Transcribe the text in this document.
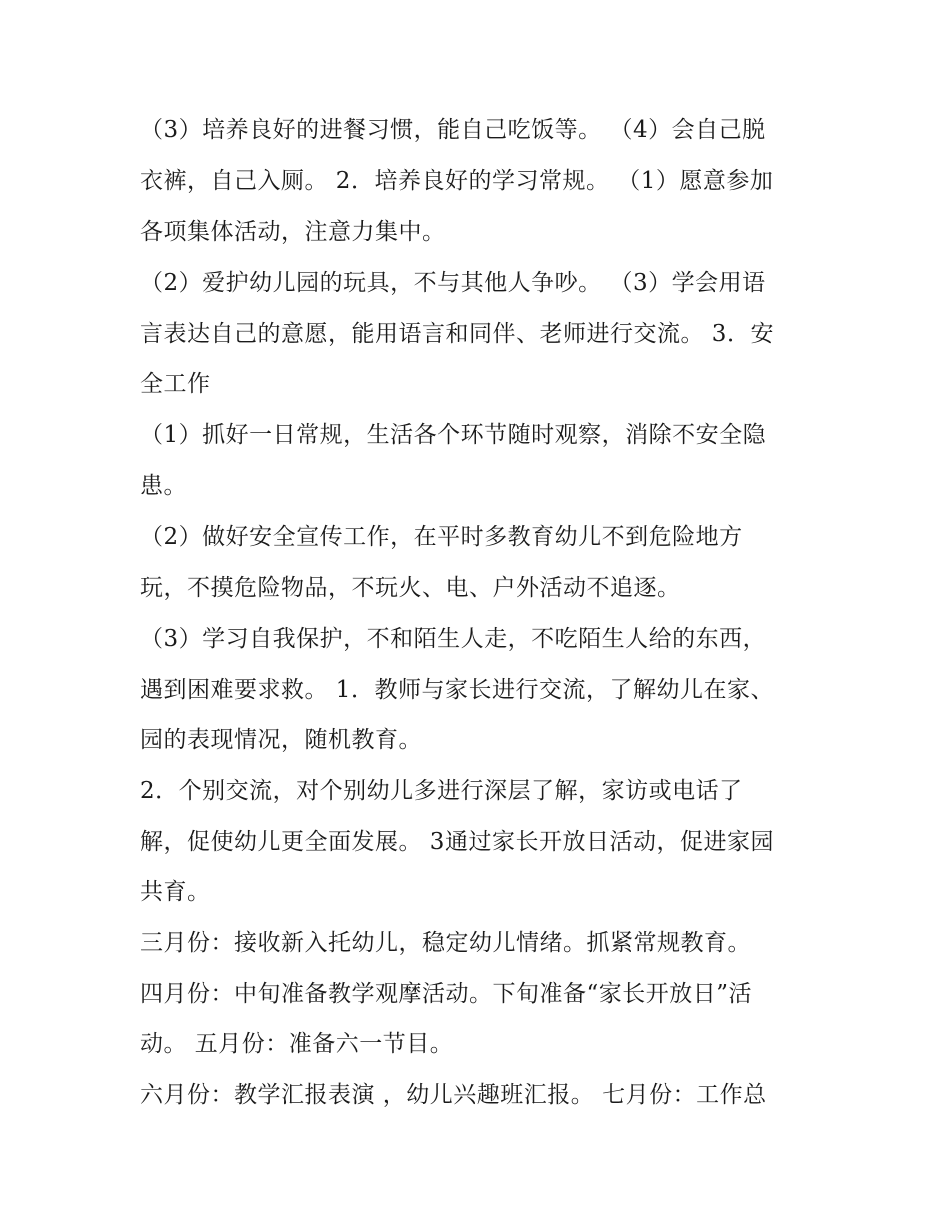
（3）培养良好的进餐习惯，能自己吃饭等。 （4）会自己脱
衣裤，自己入厕。 2．培养良好的学习常规。 （1）愿意参加
各项集体活动，注意力集中。
（2）爱护幼儿园的玩具，不与其他人争吵。 （3）学会用语
言表达自己的意愿，能用语言和同伴、老师进行交流。 3．安
全工作
（1）抓好一日常规，生活各个环节随时观察，消除不安全隐
患。
（2）做好安全宣传工作，在平时多教育幼儿不到危险地方
玩，不摸危险物品，不玩火、电、户外活动不追逐。
（3）学习自我保护，不和陌生人走，不吃陌生人给的东西，
遇到困难要求救。 1．教师与家长进行交流，了解幼儿在家、
园的表现情况，随机教育。
2．个别交流，对个别幼儿多进行深层了解，家访或电话了
解，促使幼儿更全面发展。 3通过家长开放日活动，促进家园
共育。
三月份：接收新入托幼儿，稳定幼儿情绪。抓紧常规教育。
四月份：中旬准备教学观摩活动。下旬准备“家长开放日”活
动。 五月份：准备六一节目。
六月份：教学汇报表演 ，幼儿兴趣班汇报。 七月份：工作总
